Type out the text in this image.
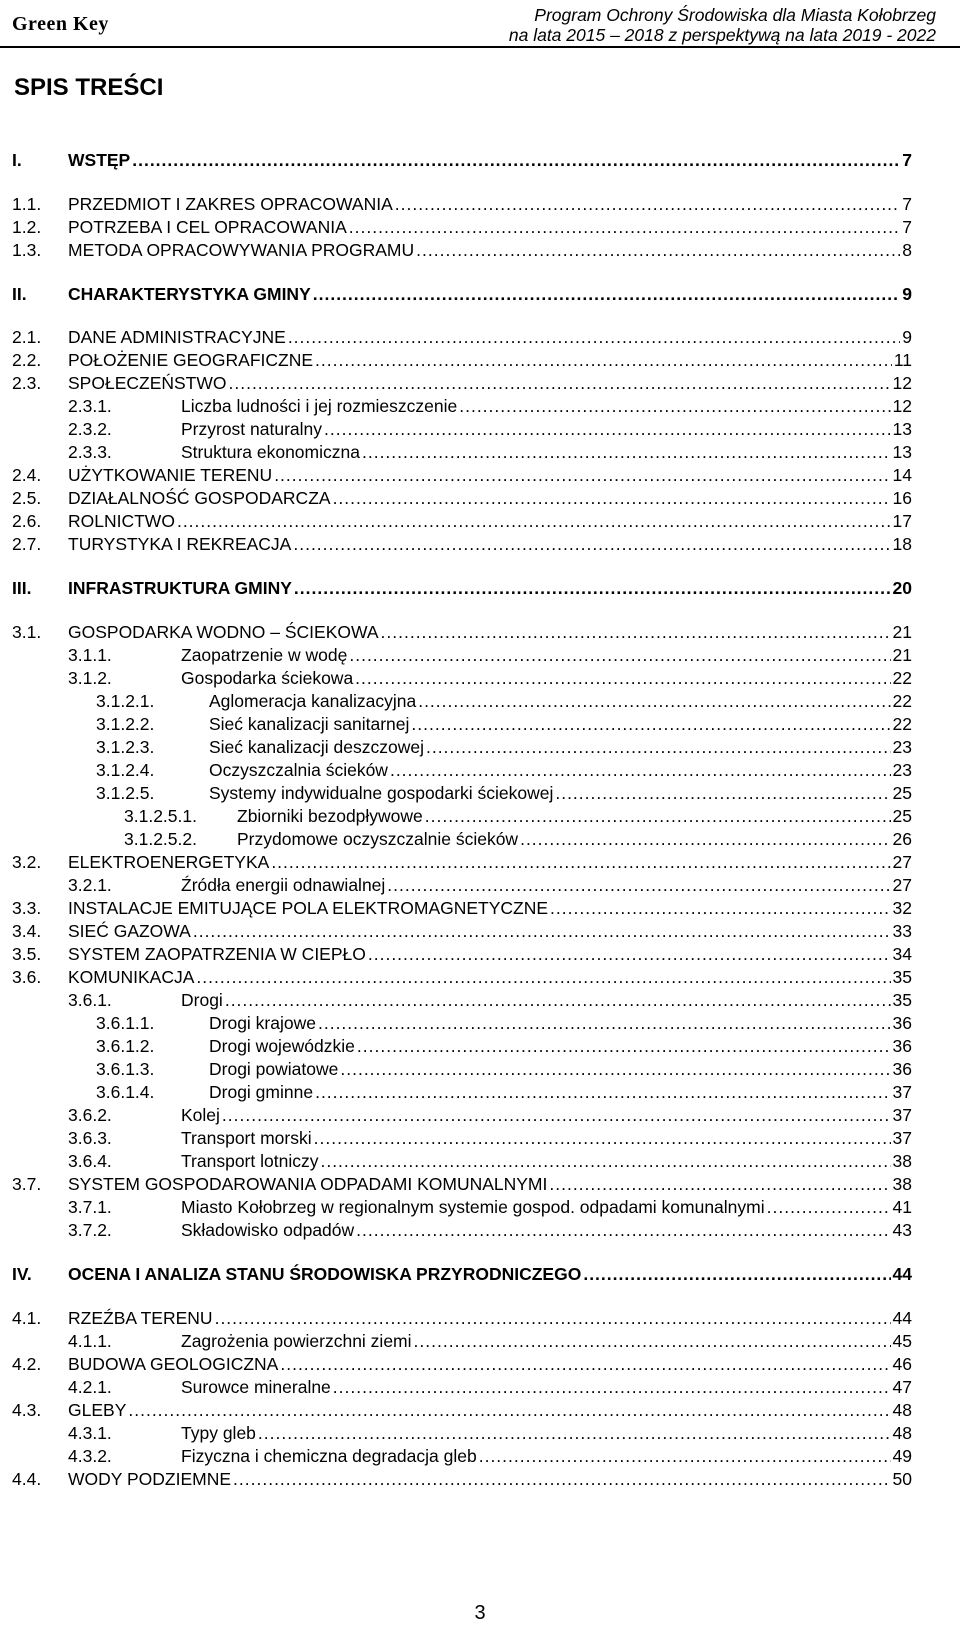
Green Key	Program Ochrony Środowiska dla Miasta Kołobrzeg
na lata 2015 – 2018 z perspektywą na lata 2019 - 2022
SPIS TREŚCI
I.	WSTĘP .....	7
1.1.	PRZEDMIOT I ZAKRES OPRACOWANIA .....	7
1.2.	POTRZEBA I CEL OPRACOWANIA .....	7
1.3.	METODA OPRACOWYWANIA PROGRAMU .....	8
II.	CHARAKTERYSTYKA GMINY .....	9
2.1.	DANE ADMINISTRACYJNE .....	9
2.2.	POŁOŻENIE GEOGRAFICZNE .....	11
2.3.	SPOŁECZEŃSTWO .....	12
2.3.1.	Liczba ludności i jej rozmieszczenie .....	12
2.3.2.	Przyrost naturalny .....	13
2.3.3.	Struktura ekonomiczna .....	13
2.4.	UŻYTKOWANIE TERENU .....	14
2.5.	DZIAŁALNOŚĆ GOSPODARCZA .....	16
2.6.	ROLNICTWO .....	17
2.7.	TURYSTYKA I REKREACJA .....	18
III.	INFRASTRUKTURA GMINY .....	20
3.1.	GOSPODARKA WODNO – ŚCIEKOWA .....	21
3.1.1.	Zaopatrzenie w wodę .....	21
3.1.2.	Gospodarka ściekowa .....	22
3.1.2.1.	Aglomeracja kanalizacyjna .....	22
3.1.2.2.	Sieć kanalizacji sanitarnej .....	22
3.1.2.3.	Sieć kanalizacji deszczowej .....	23
3.1.2.4.	Oczyszczalnia ścieków .....	23
3.1.2.5.	Systemy indywidualne gospodarki ściekowej .....	25
3.1.2.5.1.	Zbiorniki bezodpływowe .....	25
3.1.2.5.2.	Przydomowe oczyszczalnie ścieków .....	26
3.2.	ELEKTROENERGETYKA .....	27
3.2.1.	Źródła energii odnawialnej .....	27
3.3.	INSTALACJE EMITUJĄCE POLA ELEKTROMAGNETYCZNE .....	32
3.4.	SIEĆ GAZOWA .....	33
3.5.	SYSTEM ZAOPATRZENIA W CIEPŁO .....	34
3.6.	KOMUNIKACJA .....	35
3.6.1.	Drogi .....	35
3.6.1.1.	Drogi krajowe .....	36
3.6.1.2.	Drogi wojewódzkie .....	36
3.6.1.3.	Drogi powiatowe .....	36
3.6.1.4.	Drogi gminne .....	37
3.6.2.	Kolej .....	37
3.6.3.	Transport morski .....	37
3.6.4.	Transport lotniczy .....	38
3.7.	SYSTEM GOSPODAROWANIA ODPADAMI KOMUNALNYMI .....	38
3.7.1.	Miasto Kołobrzeg w regionalnym systemie gospod. odpadami komunalnymi .....	41
3.7.2.	Składowisko odpadów .....	43
IV.	OCENA I ANALIZA STANU ŚRODOWISKA PRZYRODNICZEGO .....	44
4.1.	RZEŹBA TERENU .....	44
4.1.1.	Zagrożenia powierzchni ziemi .....	45
4.2.	BUDOWA GEOLOGICZNA .....	46
4.2.1.	Surowce mineralne .....	47
4.3.	GLEBY .....	48
4.3.1.	Typy gleb .....	48
4.3.2.	Fizyczna i chemiczna degradacja gleb .....	49
4.4.	WODY PODZIEMNE .....	50
3
